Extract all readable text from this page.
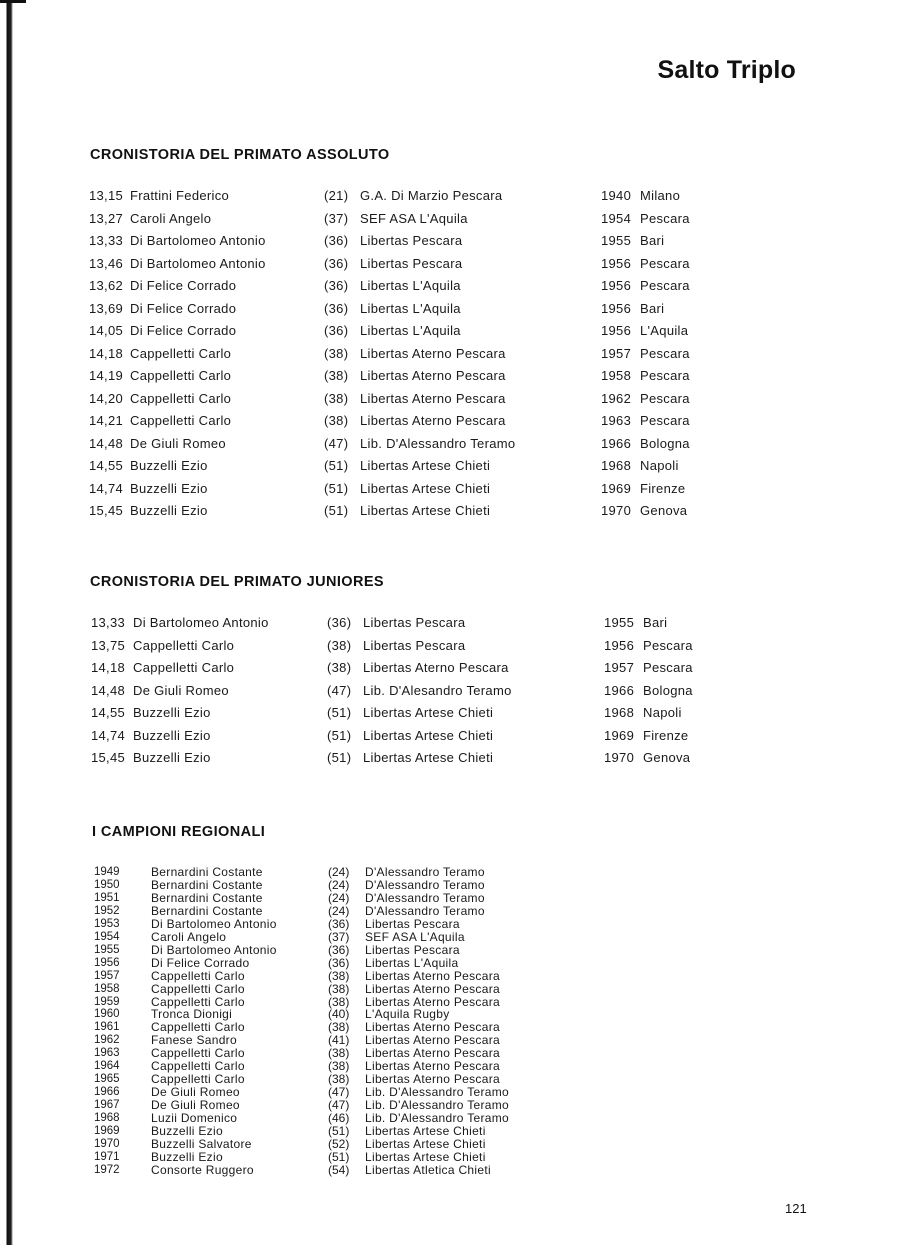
Salto Triplo
CRONISTORIA DEL PRIMATO ASSOLUTO
13,15 Frattini Federico	(21) G.A. Di Marzio Pescara	1940 Milano
13,27 Caroli Angelo	(37) SEF ASA L'Aquila	1954 Pescara
13,33 Di Bartolomeo Antonio	(36) Libertas Pescara	1955 Bari
13,46 Di Bartolomeo Antonio	(36) Libertas Pescara	1956 Pescara
13,62 Di Felice Corrado	(36) Libertas L'Aquila	1956 Pescara
13,69 Di Felice Corrado	(36) Libertas L'Aquila	1956 Bari
14,05 Di Felice Corrado	(36) Libertas L'Aquila	1956 L'Aquila
14,18 Cappelletti Carlo	(38) Libertas Aterno Pescara	1957 Pescara
14,19 Cappelletti Carlo	(38) Libertas Aterno Pescara	1958 Pescara
14,20 Cappelletti Carlo	(38) Libertas Aterno Pescara	1962 Pescara
14,21 Cappelletti Carlo	(38) Libertas Aterno Pescara	1963 Pescara
14,48 De Giuli Romeo	(47) Lib. D'Alessandro Teramo	1966 Bologna
14,55 Buzzelli Ezio	(51) Libertas Artese Chieti	1968 Napoli
14,74 Buzzelli Ezio	(51) Libertas Artese Chieti	1969 Firenze
15,45 Buzzelli Ezio	(51) Libertas Artese Chieti	1970 Genova
CRONISTORIA DEL PRIMATO JUNIORES
13,33 Di Bartolomeo Antonio	(36) Libertas Pescara	1955 Bari
13,75 Cappelletti Carlo	(38) Libertas Pescara	1956 Pescara
14,18 Cappelletti Carlo	(38) Libertas Aterno Pescara	1957 Pescara
14,48 De Giuli Romeo	(47) Lib. D'Alesandro Teramo	1966 Bologna
14,55 Buzzelli Ezio	(51) Libertas Artese Chieti	1968 Napoli
14,74 Buzzelli Ezio	(51) Libertas Artese Chieti	1969 Firenze
15,45 Buzzelli Ezio	(51) Libertas Artese Chieti	1970 Genova
I CAMPIONI REGIONALI
1949	Bernardini Costante	(24) D'Alessandro Teramo
1950	Bernardini Costante	(24) D'Alessandro Teramo
1951	Bernardini Costante	(24) D'Alessandro Teramo
1952	Bernardini Costante	(24) D'Alessandro Teramo
1953	Di Bartolomeo Antonio	(36) Libertas Pescara
1954	Caroli Angelo	(37) SEF ASA L'Aquila
1955	Di Bartolomeo Antonio	(36) Libertas Pescara
1956	Di Felice Corrado	(36) Libertas L'Aquila
1957	Cappelletti Carlo	(38) Libertas Aterno Pescara
1958	Cappelletti Carlo	(38) Libertas Aterno Pescara
1959	Cappelletti Carlo	(38) Libertas Aterno Pescara
1960	Tronca Dionigi	(40) L'Aquila Rugby
1961	Cappelletti Carlo	(38) Libertas Aterno Pescara
1962	Fanese Sandro	(41) Libertas Aterno Pescara
1963	Cappelletti Carlo	(38) Libertas Aterno Pescara
1964	Cappelletti Carlo	(38) Libertas Aterno Pescara
1965	Cappelletti Carlo	(38) Libertas Aterno Pescara
1966	De Giuli Romeo	(47) Lib. D'Alessandro Teramo
1967	De Giuli Romeo	(47) Lib. D'Alessandro Teramo
1968	Luzii Domenico	(46) Lib. D'Alessandro Teramo
1969	Buzzelli Ezio	(51) Libertas Artese Chieti
1970	Buzzelli Salvatore	(52) Libertas Artese Chieti
1971	Buzzelli Ezio	(51) Libertas Artese Chieti
1972	Consorte Ruggero	(54) Libertas Atletica Chieti
121
